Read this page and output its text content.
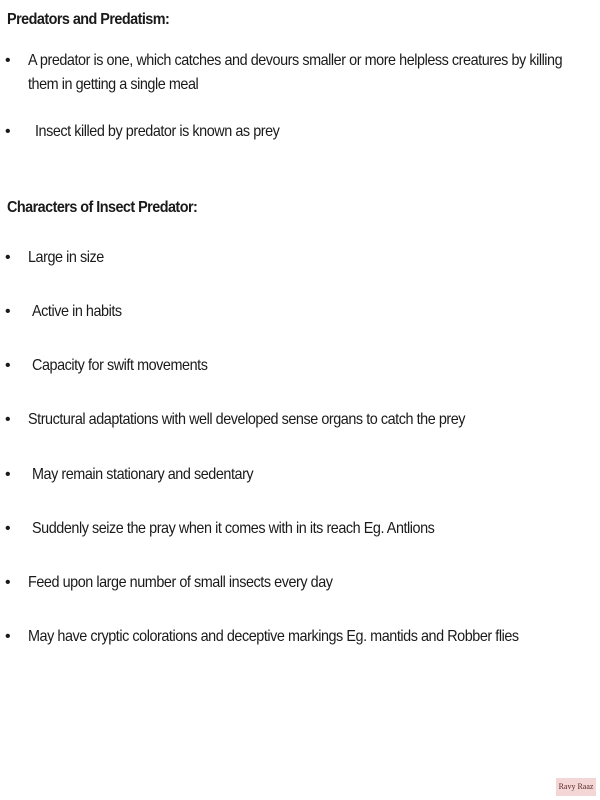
Predators and Predatism:
• A predator is one, which catches and devours smaller or more helpless creatures by killing
them in getting a single meal
• Insect killed by predator is known as prey
Characters of Insect Predator:
• Large in size
• Active in habits
• Capacity for swift movements
• Structural adaptations with well developed sense organs to catch the prey
• May remain stationary and sedentary
• Suddenly seize the pray when it comes with in its reach Eg. Antlions
• Feed upon large number of small insects every day
• May have cryptic colorations and deceptive markings Eg. mantids and Robber flies
Ravy Raaz
